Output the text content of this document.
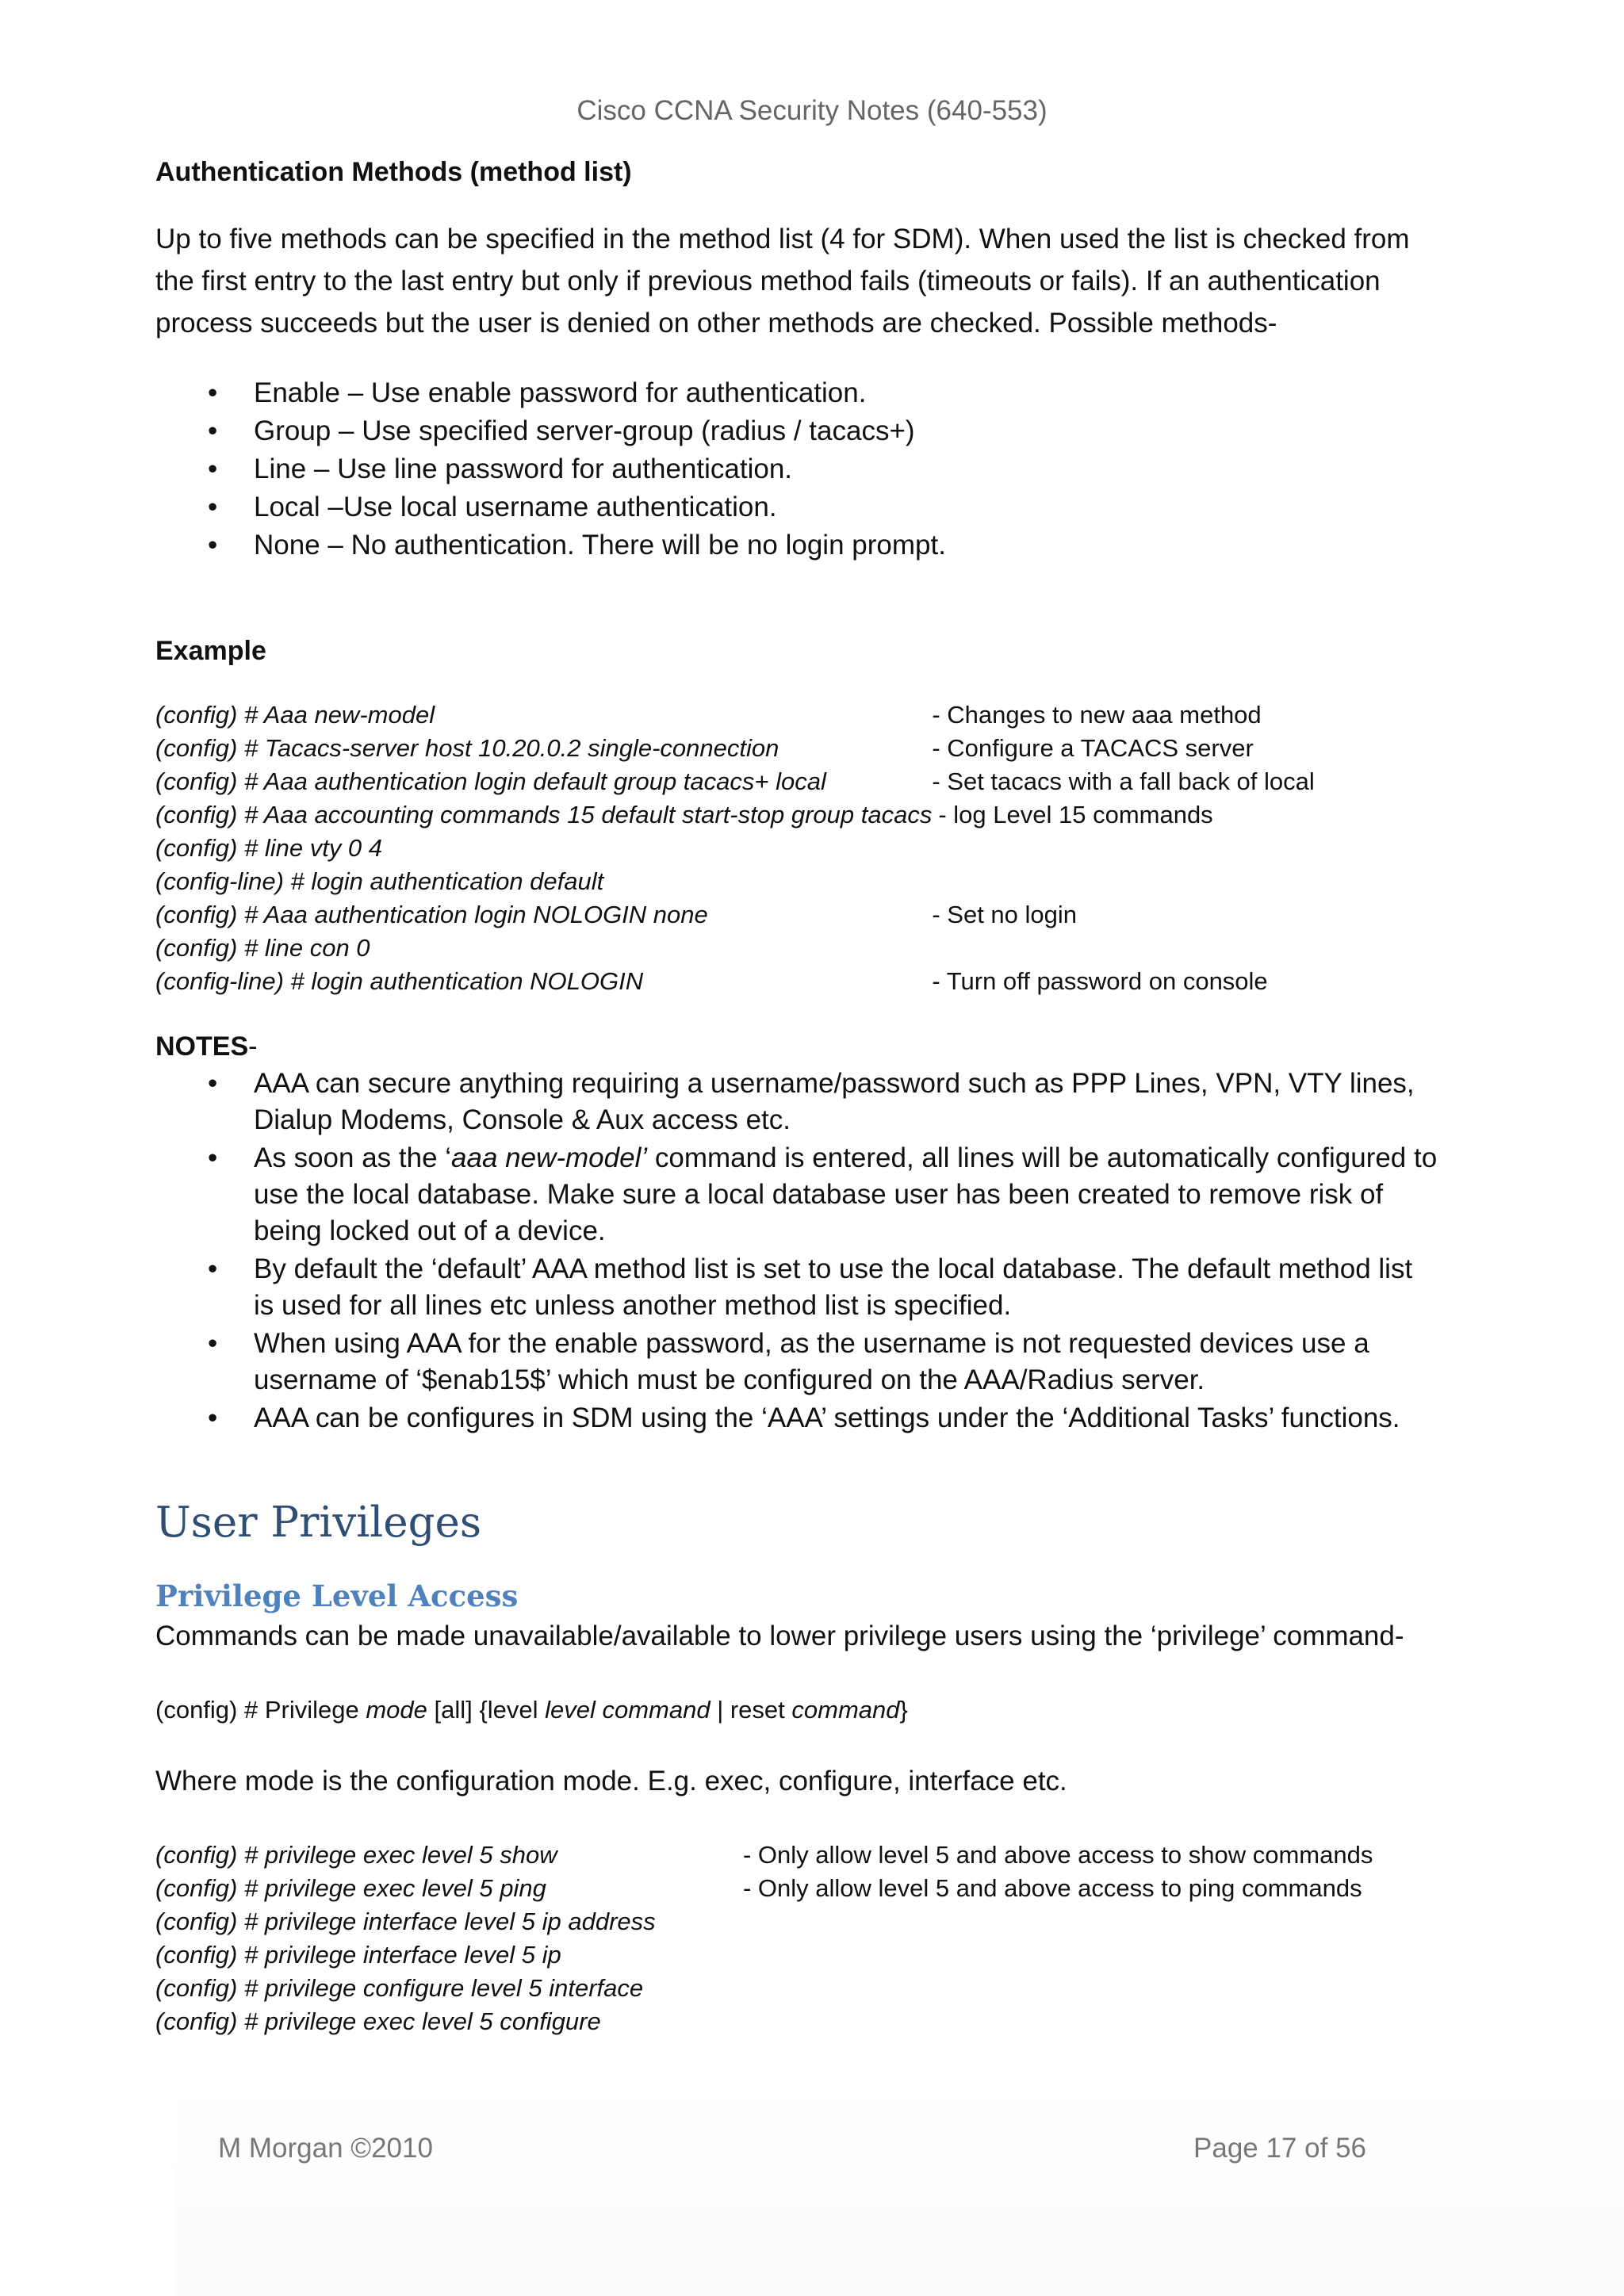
Cisco CCNA Security Notes (640-553)

Authentication Methods (method list)

Up to five methods can be specified in the method list (4 for SDM). When used the list is checked from the first entry to the last entry but only if previous method fails (timeouts or fails). If an authentication process succeeds but the user is denied on other methods are checked. Possible methods-

• Enable – Use enable password for authentication.
• Group – Use specified server-group (radius / tacacs+)
• Line – Use line password for authentication.
• Local –Use local username authentication.
• None – No authentication. There will be no login prompt.

Example

(config) # Aaa new-model	- Changes to new aaa method
(config) # Tacacs-server host 10.20.0.2 single-connection	- Configure a TACACS server
(config) # Aaa authentication login default group tacacs+ local	- Set tacacs with a fall back of local
(config) # Aaa accounting commands 15 default start-stop group tacacs	- log Level 15 commands
(config) # line vty 0 4	
(config-line) # login authentication default	
(config) # Aaa authentication login NOLOGIN none	- Set no login
(config) # line con 0	
(config-line) # login authentication NOLOGIN	- Turn off password on console

NOTES-

• AAA can secure anything requiring a username/password such as PPP Lines, VPN, VTY lines, Dialup Modems, Console & Aux access etc.
• As soon as the ‘aaa new-model’ command is entered, all lines will be automatically configured to use the local database. Make sure a local database user has been created to remove risk of being locked out of a device.
• By default the ‘default’ AAA method list is set to use the local database. The default method list is used for all lines etc unless another method list is specified.
• When using AAA for the enable password, as the username is not requested devices use a username of ‘$enab15$’ which must be configured on the AAA/Radius server.
• AAA can be configures in SDM using the ‘AAA’ settings under the ‘Additional Tasks’ functions.
User Privileges
Privilege Level Access

Commands can be made unavailable/available to lower privilege users using the ‘privilege’ command-

(config) # Privilege mode [all] {level level command | reset command}

Where mode is the configuration mode. E.g. exec, configure, interface etc.

(config) # privilege exec level 5 show	- Only allow level 5 and above access to show commands
(config) # privilege exec level 5 ping	- Only allow level 5 and above access to ping commands
(config) # privilege interface level 5 ip address	
(config) # privilege interface level 5 ip	
(config) # privilege configure level 5 interface	
(config) # privilege exec level 5 configure	
M Morgan ©2010	Page 17 of 56
